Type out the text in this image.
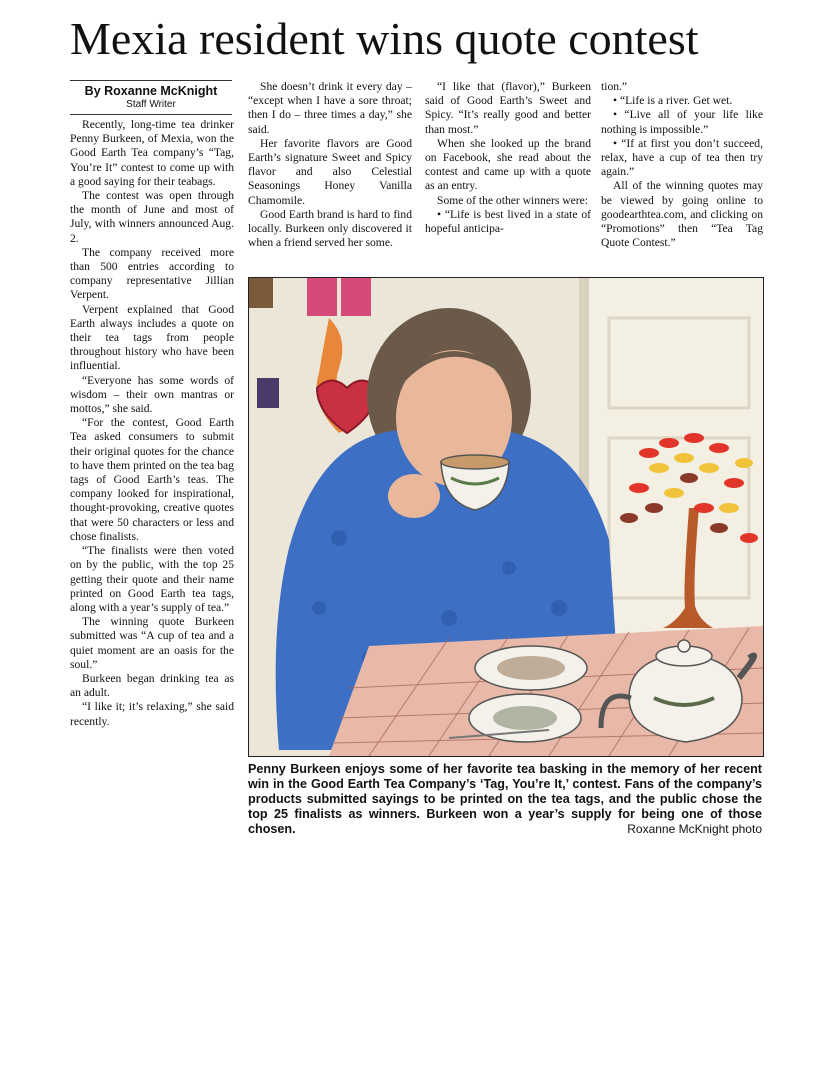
Mexia resident wins quote contest
By Roxanne McKnight
Staff Writer

Recently, long-time tea drinker Penny Burkeen, of Mexia, won the Good Earth Tea company’s “Tag, You’re It” contest to come up with a good saying for their teabags.

The contest was open through the month of June and most of July, with winners announced Aug. 2.

The company received more than 500 entries according to company representative Jillian Verpent.

Verpent explained that Good Earth always includes a quote on their tea tags from people throughout history who have been influential.

“Everyone has some words of wisdom – their own mantras or mottos,” she said.

“For the contest, Good Earth Tea asked consumers to submit their original quotes for the chance to have them printed on the tea bag tags of Good Earth’s teas. The company looked for inspirational, thought-provoking, creative quotes that were 50 characters or less and chose finalists.

“The finalists were then voted on by the public, with the top 25 getting their quote and their name printed on Good Earth tea tags, along with a year’s supply of tea.”

The winning quote Burkeen submitted was “A cup of tea and a quiet moment are an oasis for the soul.”

Burkeen began drinking tea as an adult.

“I like it; it’s relaxing,” she said recently.

She doesn’t drink it every day – “except when I have a sore throat; then I do – three times a day,” she said.

Her favorite flavors are Good Earth’s signature Sweet and Spicy flavor and also Celestial Seasonings Honey Vanilla Chamomile.

Good Earth brand is hard to find locally. Burkeen only discovered it when a friend served her some.

“I like that (flavor),” Burkeen said of Good Earth’s Sweet and Spicy. “It’s really good and better than most.”

When she looked up the brand on Facebook, she read about the contest and came up with a quote as an entry.

Some of the other winners were:

• “Life is best lived in a state of hopeful anticipa-

tion.”

• “Life is a river. Get wet.

• “Live all of your life like nothing is impossible.”

• “If at first you don’t succeed, relax, have a cup of tea then try again.”

All of the winning quotes may be viewed by going online to goodearthtea.com, and clicking on “Promotions” then “Tea Tag Quote Contest.”

Penny Burkeen enjoys some of her favorite tea basking in the memory of her recent win in the Good Earth Tea Company’s ‘Tag, You’re It,’ contest. Fans of the company’s products submitted sayings to be printed on the tea tags, and the public chose the top 25 finalists as winners. Burkeen won a year’s supply for being one of those chosen.	Roxanne McKnight photo
